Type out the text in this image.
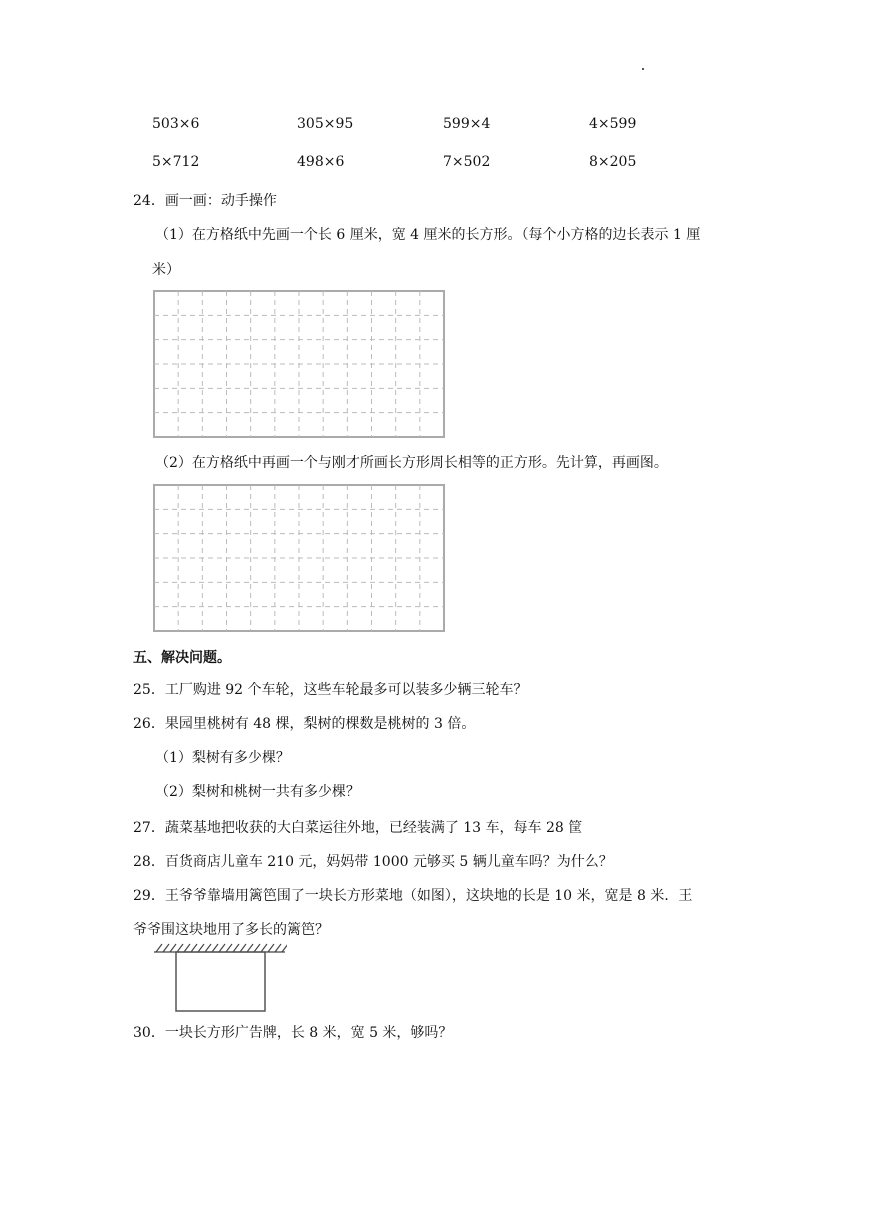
503×6	305×95	599×4	4×599
5×712	498×6	7×502	8×205
24．画一画：动手操作
（1）在方格纸中先画一个长 6 厘米，宽 4 厘米的长方形。（每个小方格的边长表示 1 厘
米）
（2）在方格纸中再画一个与刚才所画长方形周长相等的正方形。先计算，再画图。
五、解决问题。
25．工厂购进 92 个车轮，这些车轮最多可以装多少辆三轮车？
26．果园里桃树有 48 棵，梨树的棵数是桃树的 3 倍。
（1）梨树有多少棵？
（2）梨树和桃树一共有多少棵？
27．蔬菜基地把收获的大白菜运往外地，已经装满了 13 车，每车 28 筐
28．百货商店儿童车 210 元，妈妈带 1000 元够买 5 辆儿童车吗？为什么？
29．王爷爷靠墙用篱笆围了一块长方形菜地（如图），这块地的长是 10 米，宽是 8 米．王
爷爷围这块地用了多长的篱笆？
30．一块长方形广告牌，长 8 米，宽 5 米，够吗？
